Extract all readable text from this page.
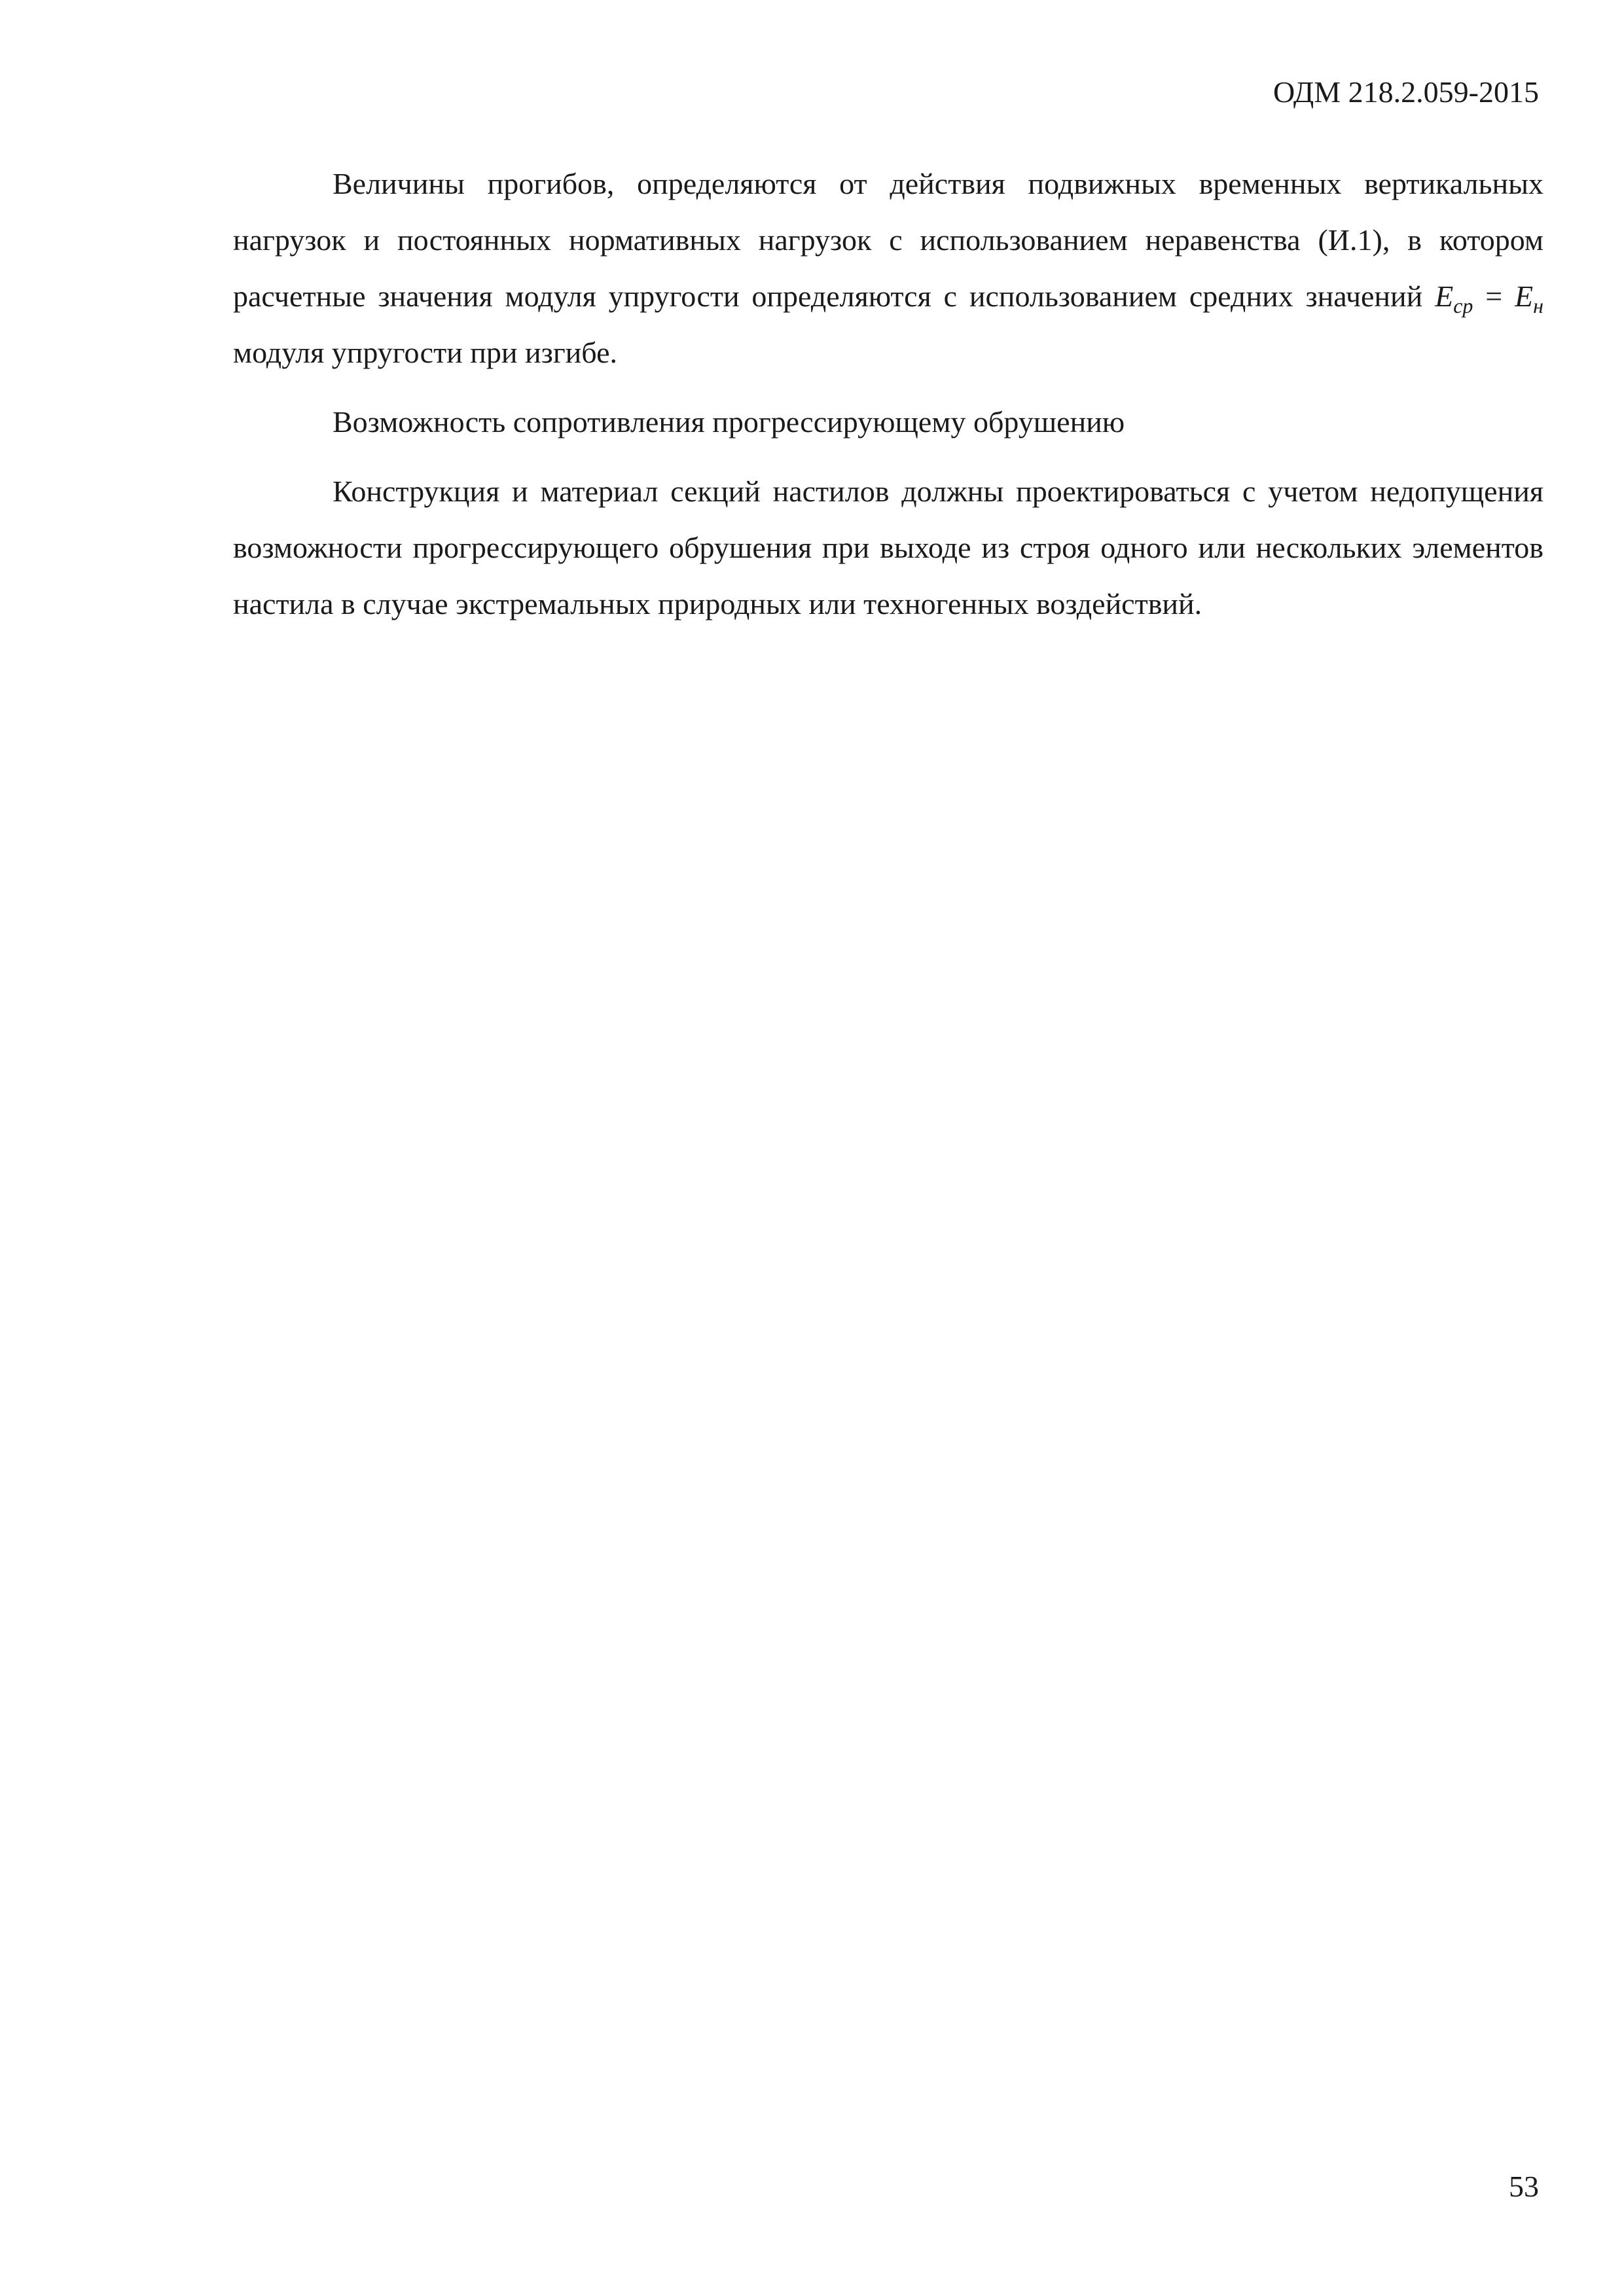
ОДМ 218.2.059-2015

Величины прогибов, определяются от действия подвижных временных вертикальных нагрузок и постоянных нормативных нагрузок с использованием неравенства (И.1), в котором расчетные значения модуля упругости определяются с использованием средних значений $E_{ср} = E_н$ модуля упругости при изгибе.

Возможность сопротивления прогрессирующему обрушению

Конструкция и материал секций настилов должны проектироваться с учетом недопущения возможности прогрессирующего обрушения при выходе из строя одного или нескольких элементов настила в случае экстремальных природных или техногенных воздействий.

53
